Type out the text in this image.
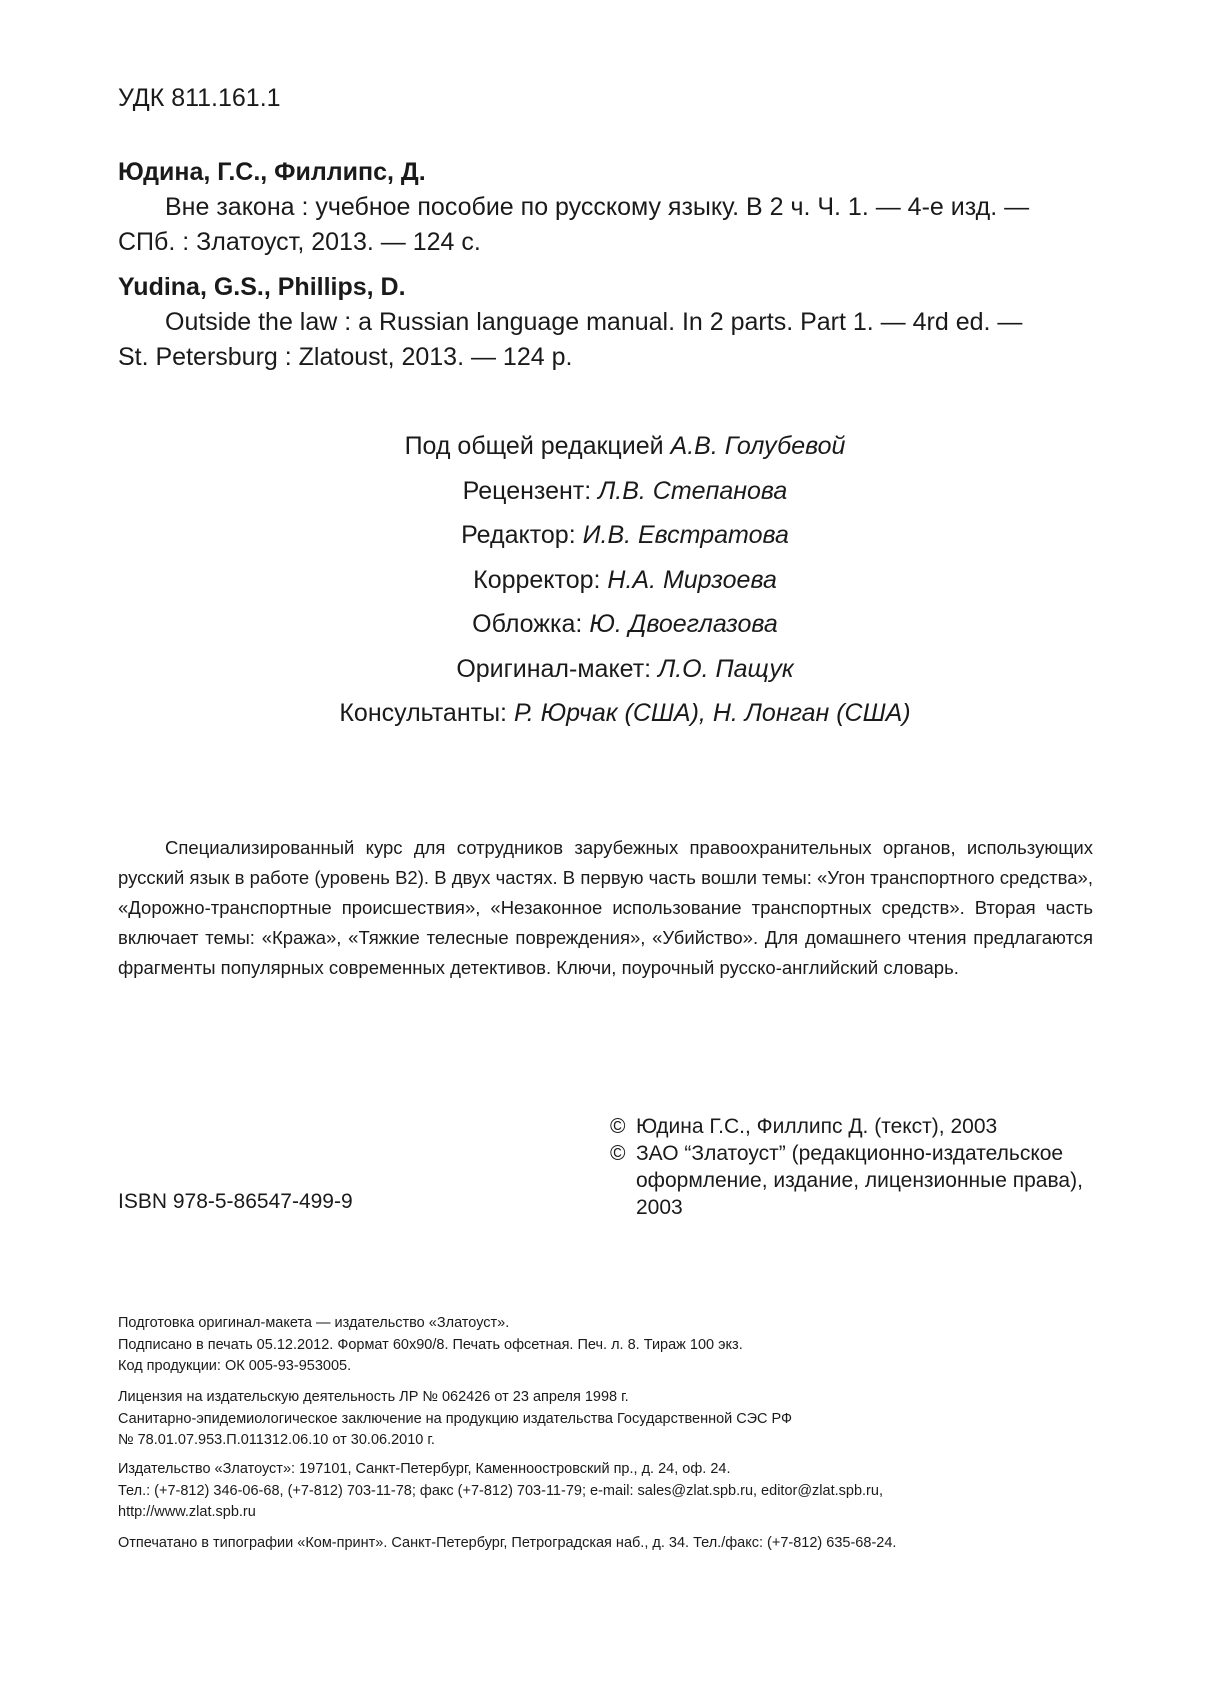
УДК 811.161.1

Юдина, Г.С., Филлипс, Д.
Вне закона : учебное пособие по русскому языку. В 2 ч. Ч. 1. — 4-е изд. —
СПб. : Златоуст, 2013. — 124 с.
Yudina, G.S., Phillips, D.
Outside the law : a Russian language manual. In 2 parts. Part 1. — 4rd ed. —
St. Petersburg : Zlatoust, 2013. — 124 p.
Под общей редакцией А.В. Голубевой
Рецензент: Л.В. Степанова
Редактор: И.В. Евстратова
Корректор: Н.А. Мирзоева
Обложка: Ю. Двоеглазова
Оригинал-макет: Л.О. Пащук
Консультанты: Р. Юрчак (США), Н. Лонган (США)

Специализированный курс для сотрудников зарубежных правоохранительных органов, использующих русский язык в работе (уровень В2). В двух частях. В первую часть вошли темы: «Угон транспортного средства», «Дорожно-транспортные происшествия», «Незаконное использование транспортных средств». Вторая часть включает темы: «Кража», «Тяжкие телесные повреждения», «Убийство». Для домашнего чтения предлагаются фрагменты популярных современных детективов. Ключи, поурочный русско-английский словарь.

ISBN 978-5-86547-499-9

© Юдина Г.С., Филлипс Д. (текст), 2003
© ЗАО “Златоуст” (редакционно-издательское оформление, издание, лицензионные права), 2003

Подготовка оригинал-макета — издательство «Златоуст».

Подписано в печать 05.12.2012. Формат 60х90/8. Печать офсетная. Печ. л. 8. Тираж 100 экз.

Код продукции: ОК 005-93-953005.

Лицензия на издательскую деятельность ЛР № 062426 от 23 апреля 1998 г.

Санитарно-эпидемиологическое заключение на продукцию издательства Государственной СЭС РФ

№ 78.01.07.953.П.011312.06.10 от 30.06.2010 г.

Издательство «Златоуст»: 197101, Санкт-Петербург, Каменноостровский пр., д. 24, оф. 24.

Тел.: (+7-812) 346-06-68, (+7-812) 703-11-78; факс (+7-812) 703-11-79; e-mail: sales@zlat.spb.ru, editor@zlat.spb.ru,

http://www.zlat.spb.ru

Отпечатано в типографии «Ком-принт». Санкт-Петербург, Петроградская наб., д. 34. Тел./факс: (+7-812) 635-68-24.
